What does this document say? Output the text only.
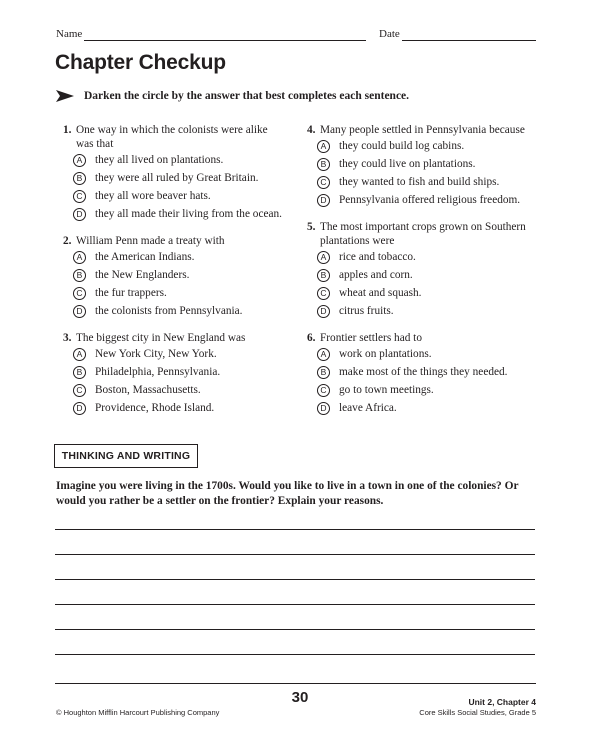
Name	Date
Chapter Checkup
Darken the circle by the answer that best completes each sentence.
1. One way in which the colonists were alike was that
A	they all lived on plantations.
B	they were all ruled by Great Britain.
C	they all wore beaver hats.
D	they all made their living from the ocean.
2. William Penn made a treaty with
A	the American Indians.
B	the New Englanders.
C	the fur trappers.
D	the colonists from Pennsylvania.
3. The biggest city in New England was
A	New York City, New York.
B	Philadelphia, Pennsylvania.
C	Boston, Massachusetts.
D	Providence, Rhode Island.
4. Many people settled in Pennsylvania because
A	they could build log cabins.
B	they could live on plantations.
C	they wanted to fish and build ships.
D	Pennsylvania offered religious freedom.
5. The most important crops grown on Southern plantations were
A	rice and tobacco.
B	apples and corn.
C	wheat and squash.
D	citrus fruits.
6. Frontier settlers had to
A	work on plantations.
B	make most of the things they needed.
C	go to town meetings.
D	leave Africa.
THINKING AND WRITING
Imagine you were living in the 1700s. Would you like to live in a town in one of the colonies? Or would you rather be a settler on the frontier? Explain your reasons.
30
© Houghton Mifflin Harcourt Publishing Company
Unit 2, Chapter 4
Core Skills Social Studies, Grade 5
